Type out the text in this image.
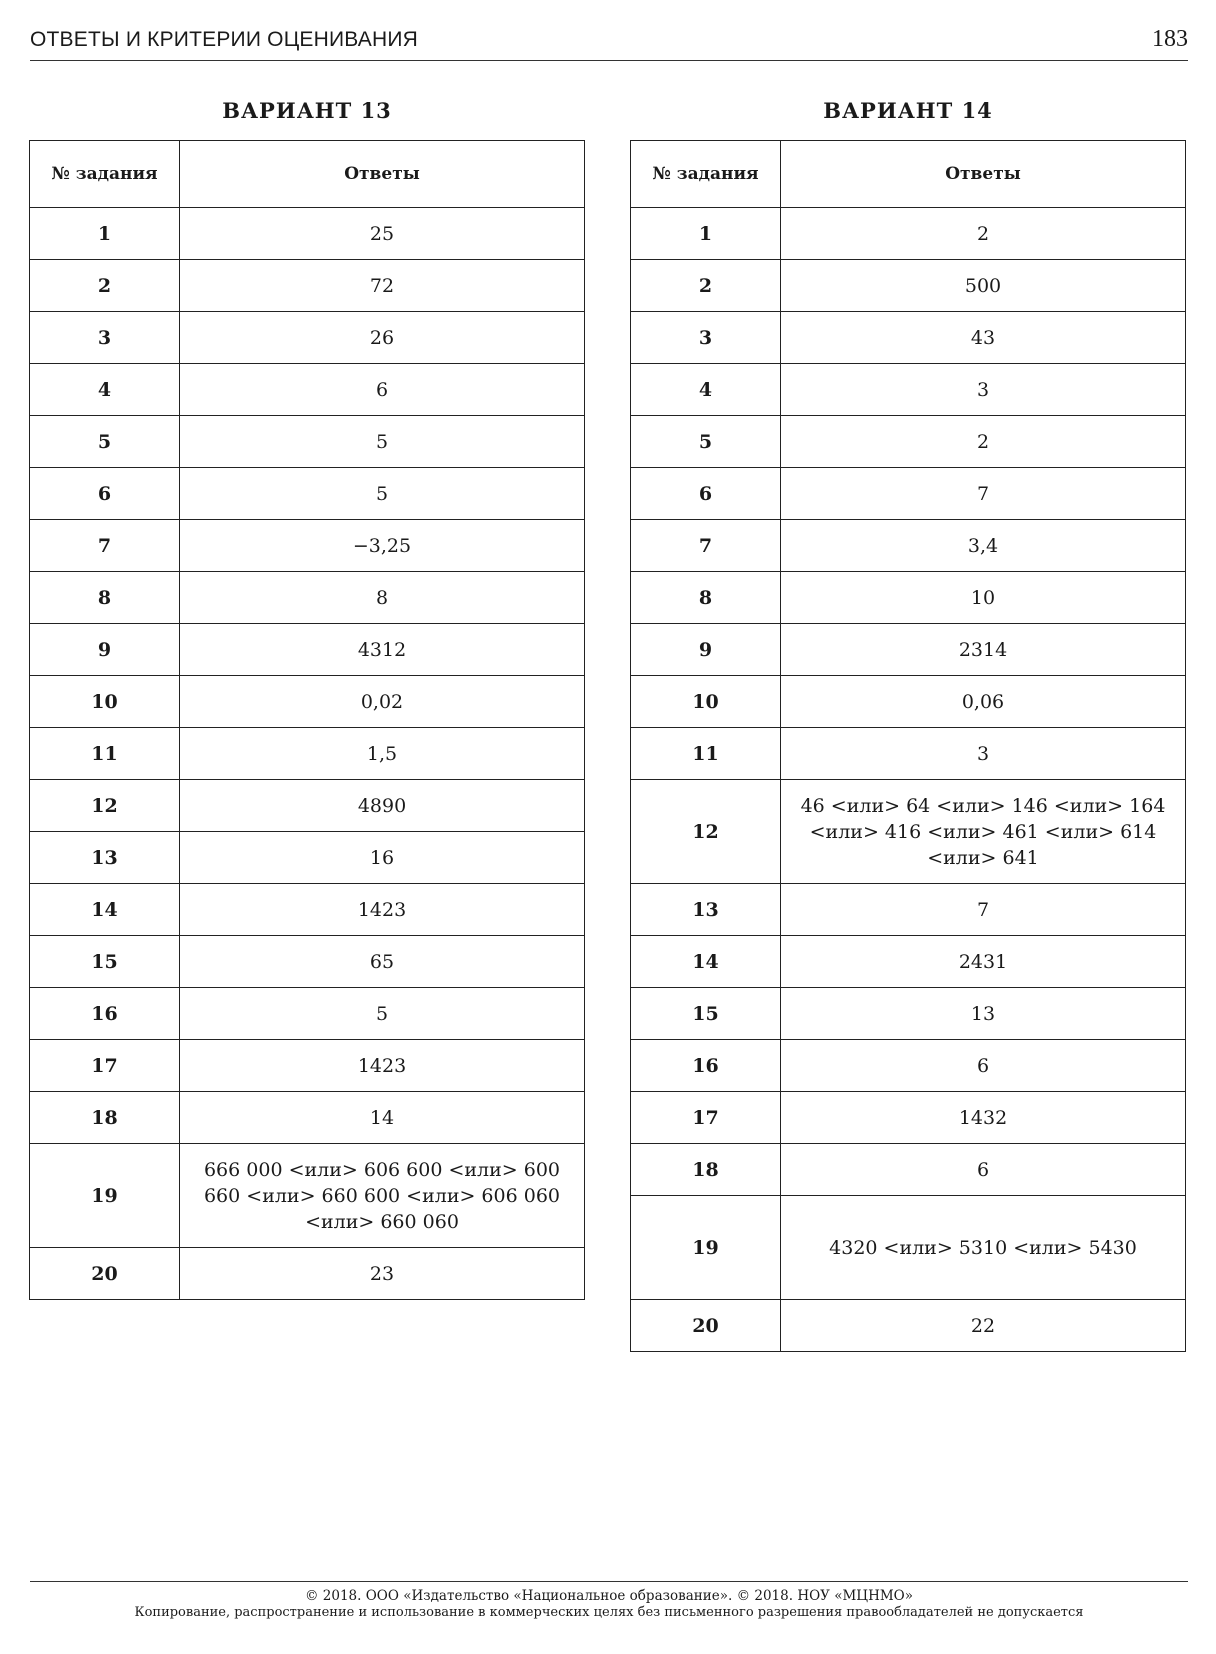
ОТВЕТЫ И КРИТЕРИИ ОЦЕНИВАНИЯ	183
ВАРИАНТ 13
№ задания	Ответы
1	25
2	72
3	26
4	6
5	5
6	5
7	−3,25
8	8
9	4312
10	0,02
11	1,5
12	4890
13	16
14	1423
15	65
16	5
17	1423
18	14
19	666 000 <или> 606 600 <или> 600 660 <или> 660 600 <или> 606 060 <или> 660 060
20	23
ВАРИАНТ 14
№ задания	Ответы
1	2
2	500
3	43
4	3
5	2
6	7
7	3,4
8	10
9	2314
10	0,06
11	3
12	46 <или> 64 <или> 146 <или> 164 <или> 416 <или> 461 <или> 614 <или> 641
13	7
14	2431
15	13
16	6
17	1432
18	6
19	4320 <или> 5310 <или> 5430
20	22
© 2018. ООО «Издательство «Национальное образование». © 2018. НОУ «МЦНМО»
Копирование, распространение и использование в коммерческих целях без письменного разрешения правообладателей не допускается
